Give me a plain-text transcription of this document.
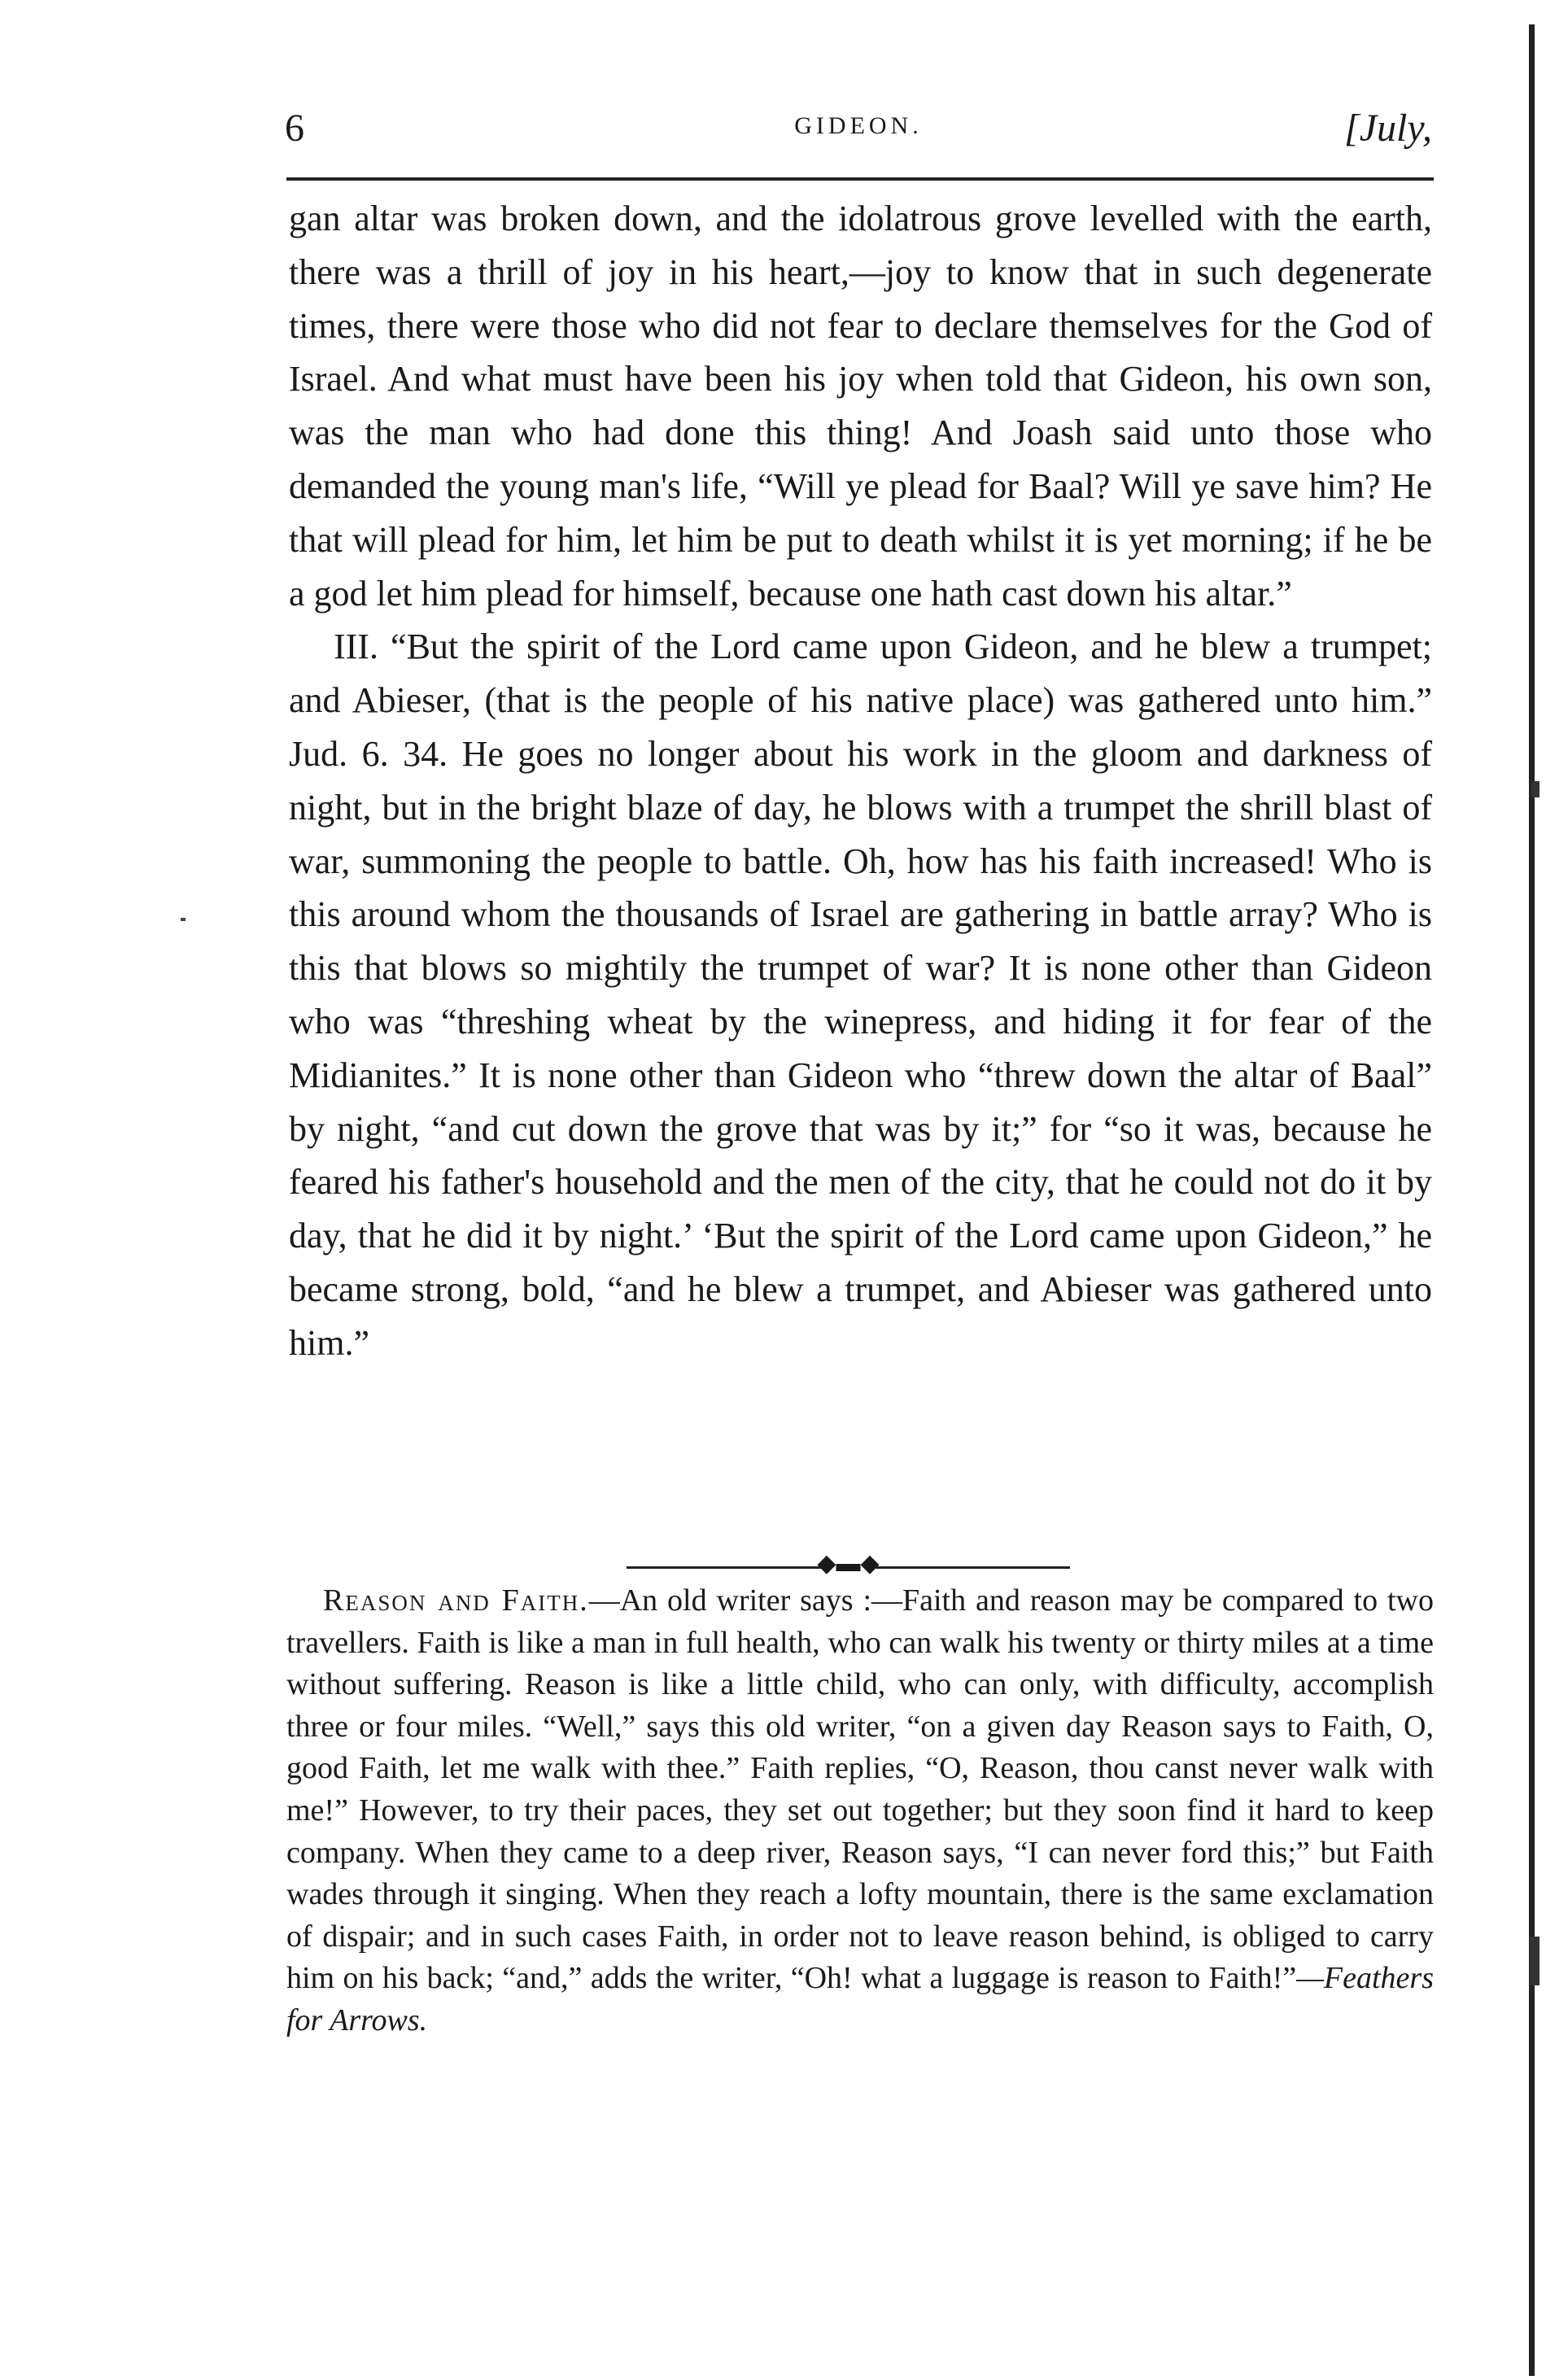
6	GIDEON.	[July,

gan altar was broken down, and the idolatrous grove levelled with the earth, there was a thrill of joy in his heart,—joy to know that in such degenerate times, there were those who did not fear to declare themselves for the God of Israel. And what must have been his joy when told that Gideon, his own son, was the man who had done this thing! And Joash said unto those who demanded the young man's life, “Will ye plead for Baal? Will ye save him? He that will plead for him, let him be put to death whilst it is yet morning; if he be a god let him plead for himself, because one hath cast down his altar.”

III. “But the spirit of the Lord came upon Gideon, and he blew a trumpet; and Abieser, (that is the people of his native place) was gathered unto him.” Jud. 6. 34. He goes no longer about his work in the gloom and darkness of night, but in the bright blaze of day, he blows with a trumpet the shrill blast of war, summoning the people to battle. Oh, how has his faith increased! Who is this around whom the thousands of Israel are gathering in battle array? Who is this that blows so mightily the trumpet of war? It is none other than Gideon who was “threshing wheat by the winepress, and hiding it for fear of the Midianites.” It is none other than Gideon who “threw down the altar of Baal” by night, “and cut down the grove that was by it;” for “so it was, because he feared his father's household and the men of the city, that he could not do it by day, that he did it by night.’ ‘But the spirit of the Lord came upon Gideon,” he became strong, bold, “and he blew a trumpet, and Abieser was gathered unto him.”

◆▬◆

Reason and Faith.—An old writer says :—Faith and reason may be compared to two travellers. Faith is like a man in full health, who can walk his twenty or thirty miles at a time without suffering. Reason is like a little child, who can only, with difficulty, accomplish three or four miles. “Well,” says this old writer, “on a given day Reason says to Faith, O, good Faith, let me walk with thee.” Faith replies, “O, Reason, thou canst never walk with me!” However, to try their paces, they set out together; but they soon find it hard to keep company. When they came to a deep river, Reason says, “I can never ford this;” but Faith wades through it singing. When they reach a lofty mountain, there is the same exclamation of dispair; and in such cases Faith, in order not to leave reason behind, is obliged to carry him on his back; “and,” adds the writer, “Oh! what a luggage is reason to Faith!”—Feathers for Arrows.
